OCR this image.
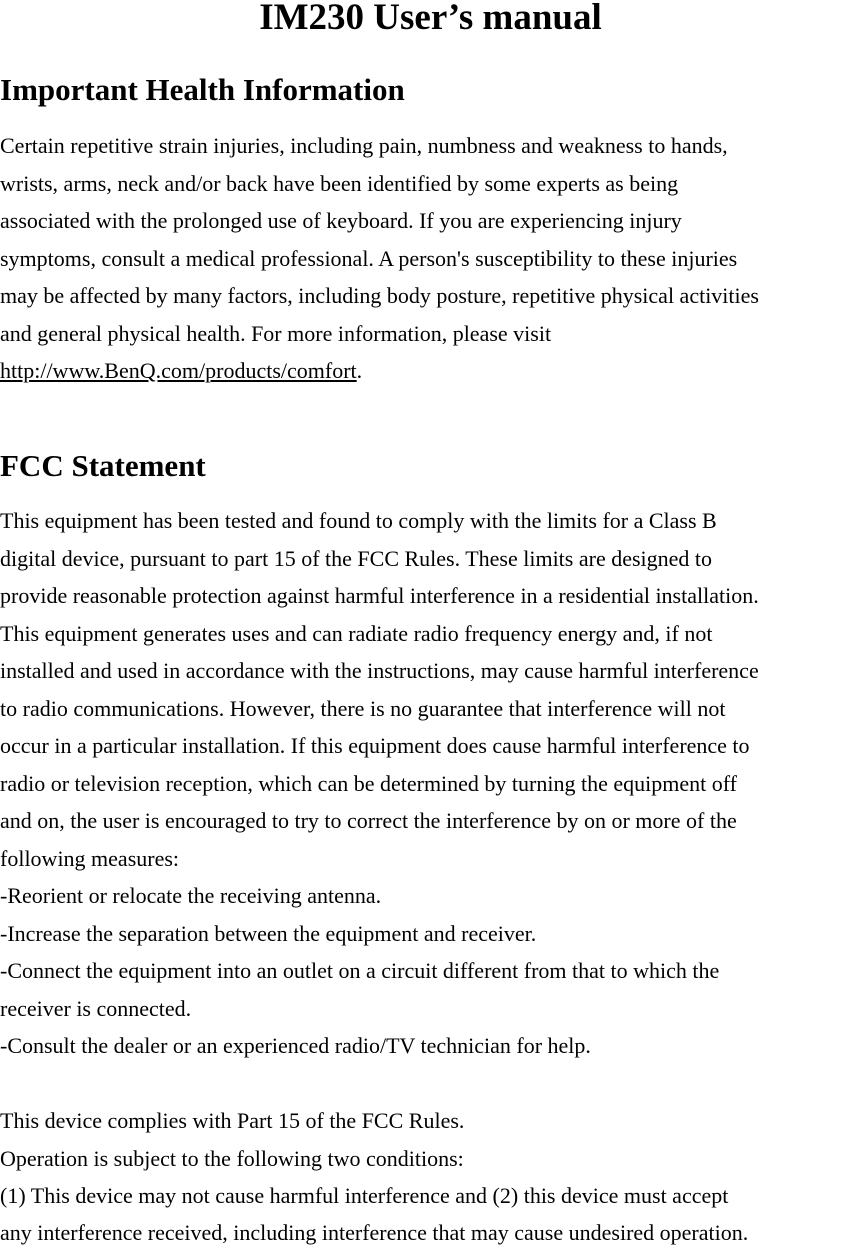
IM230 User’s manual
Important Health Information

Certain repetitive strain injuries, including pain, numbness and weakness to hands,

wrists, arms, neck and/or back have been identified by some experts as being

associated with the prolonged use of keyboard. If you are experiencing injury

symptoms, consult a medical professional. A person's susceptibility to these injuries

may be affected by many factors, including body posture, repetitive physical activities

and general physical health. For more information, please visit

http://www.BenQ.com/products/comfort.

FCC Statement

This equipment has been tested and found to comply with the limits for a Class B

digital device, pursuant to part 15 of the FCC Rules. These limits are designed to

provide reasonable protection against harmful interference in a residential installation.

This equipment generates uses and can radiate radio frequency energy and, if not

installed and used in accordance with the instructions, may cause harmful interference

to radio communications. However, there is no guarantee that interference will not

occur in a particular installation. If this equipment does cause harmful interference to

radio or television reception, which can be determined by turning the equipment off

and on, the user is encouraged to try to correct the interference by on or more of the

following measures:

-Reorient or relocate the receiving antenna.

-Increase the separation between the equipment and receiver.

-Connect the equipment into an outlet on a circuit different from that to which the

receiver is connected.

-Consult the dealer or an experienced radio/TV technician for help.

This device complies with Part 15 of the FCC Rules.

Operation is subject to the following two conditions:

(1) This device may not cause harmful interference and (2) this device must accept

any interference received, including interference that may cause undesired operation.
